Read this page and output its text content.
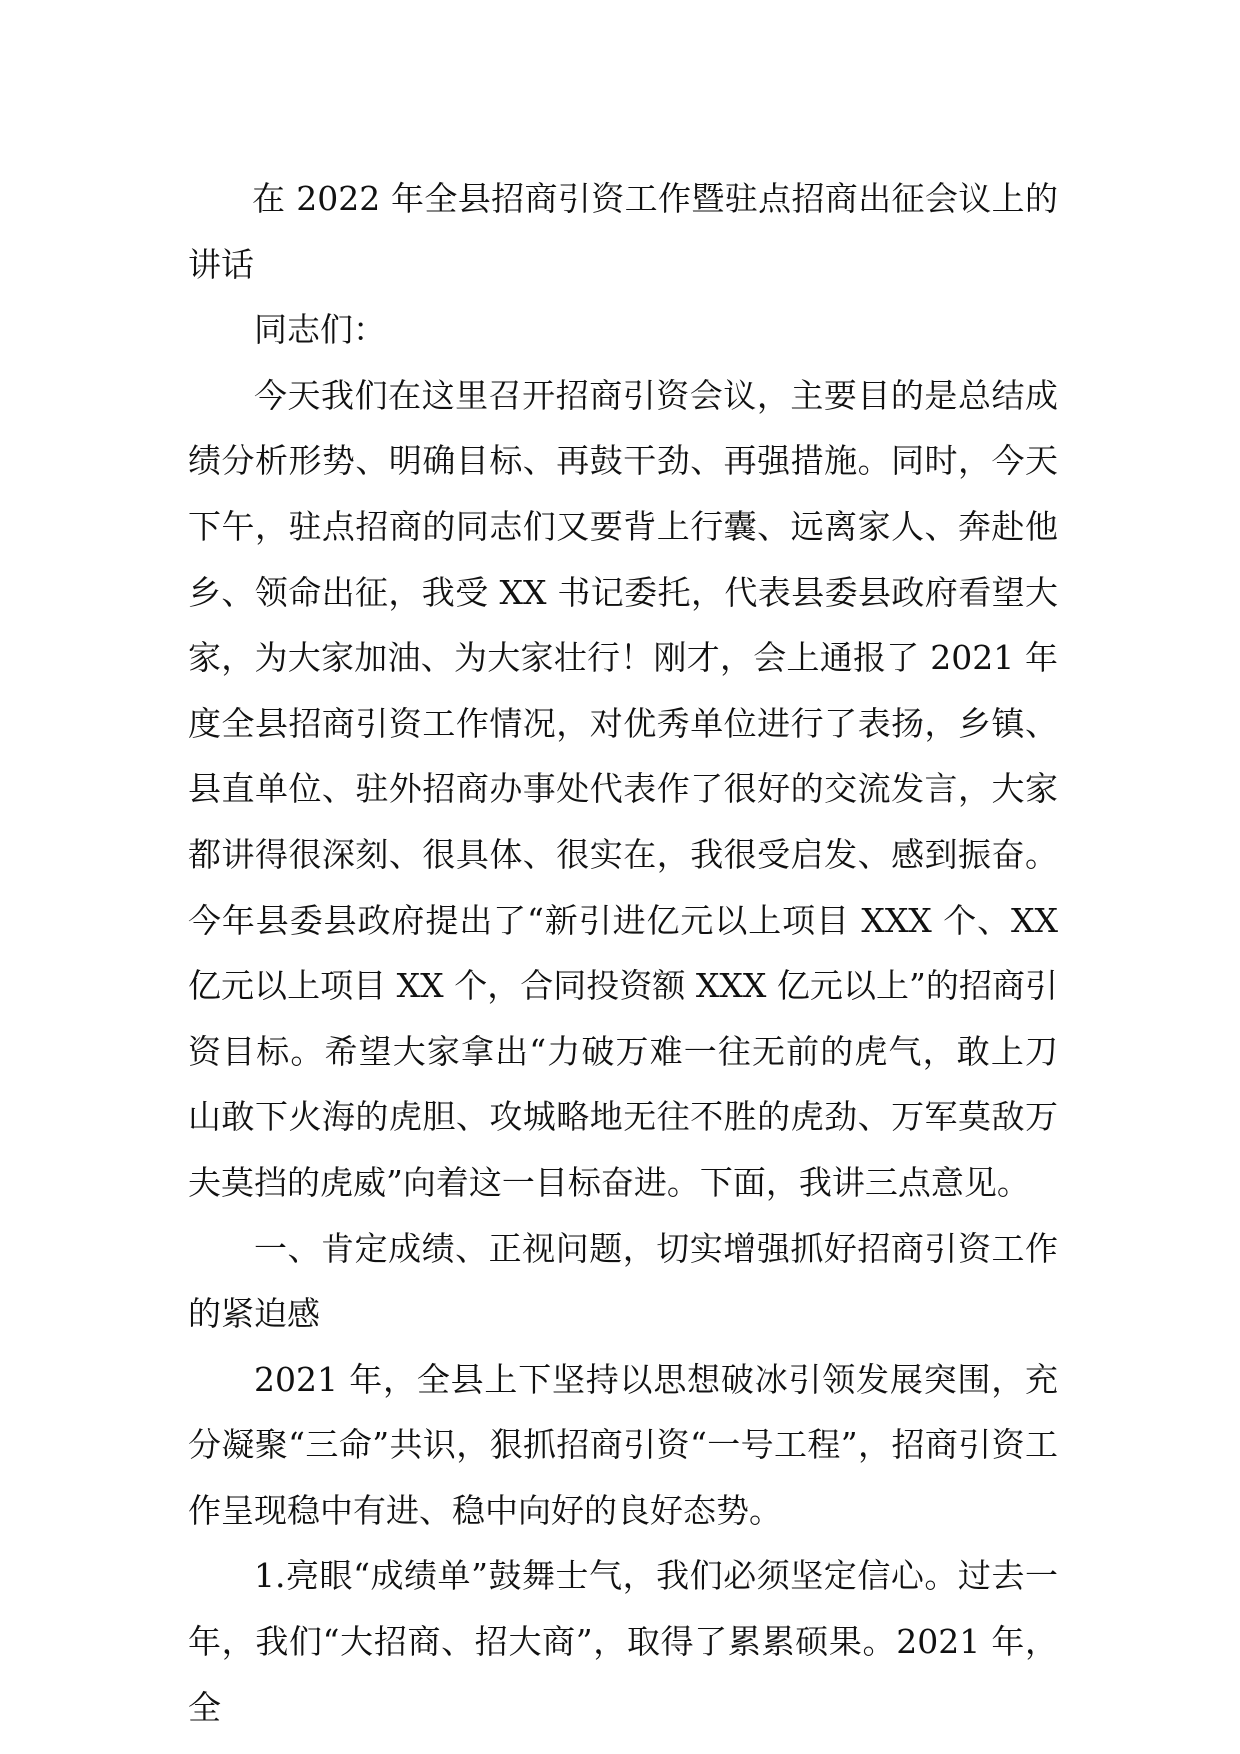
在 2022 年全县招商引资工作暨驻点招商出征会议上的讲话

同志们：

今天我们在这里召开招商引资会议，主要目的是总结成绩分析形势、明确目标、再鼓干劲、再强措施。同时，今天下午，驻点招商的同志们又要背上行囊、远离家人、奔赴他乡、领命出征，我受 XX 书记委托，代表县委县政府看望大家，为大家加油、为大家壮行！刚才，会上通报了 2021 年度全县招商引资工作情况，对优秀单位进行了表扬，乡镇、县直单位、驻外招商办事处代表作了很好的交流发言，大家都讲得很深刻、很具体、很实在，我很受启发、感到振奋。今年县委县政府提出了“新引进亿元以上项目 XXX 个、XX 亿元以上项目 XX 个，合同投资额 XXX 亿元以上”的招商引资目标。希望大家拿出“力破万难一往无前的虎气，敢上刀山敢下火海的虎胆、攻城略地无往不胜的虎劲、万军莫敌万夫莫挡的虎威”向着这一目标奋进。下面，我讲三点意见。

一、肯定成绩、正视问题，切实增强抓好招商引资工作的紧迫感

2021 年，全县上下坚持以思想破冰引领发展突围，充分凝聚“三命”共识，狠抓招商引资“一号工程”，招商引资工作呈现稳中有进、稳中向好的良好态势。

1.亮眼“成绩单”鼓舞士气，我们必须坚定信心。过去一年，我们“大招商、招大商”，取得了累累硕果。2021 年，全
